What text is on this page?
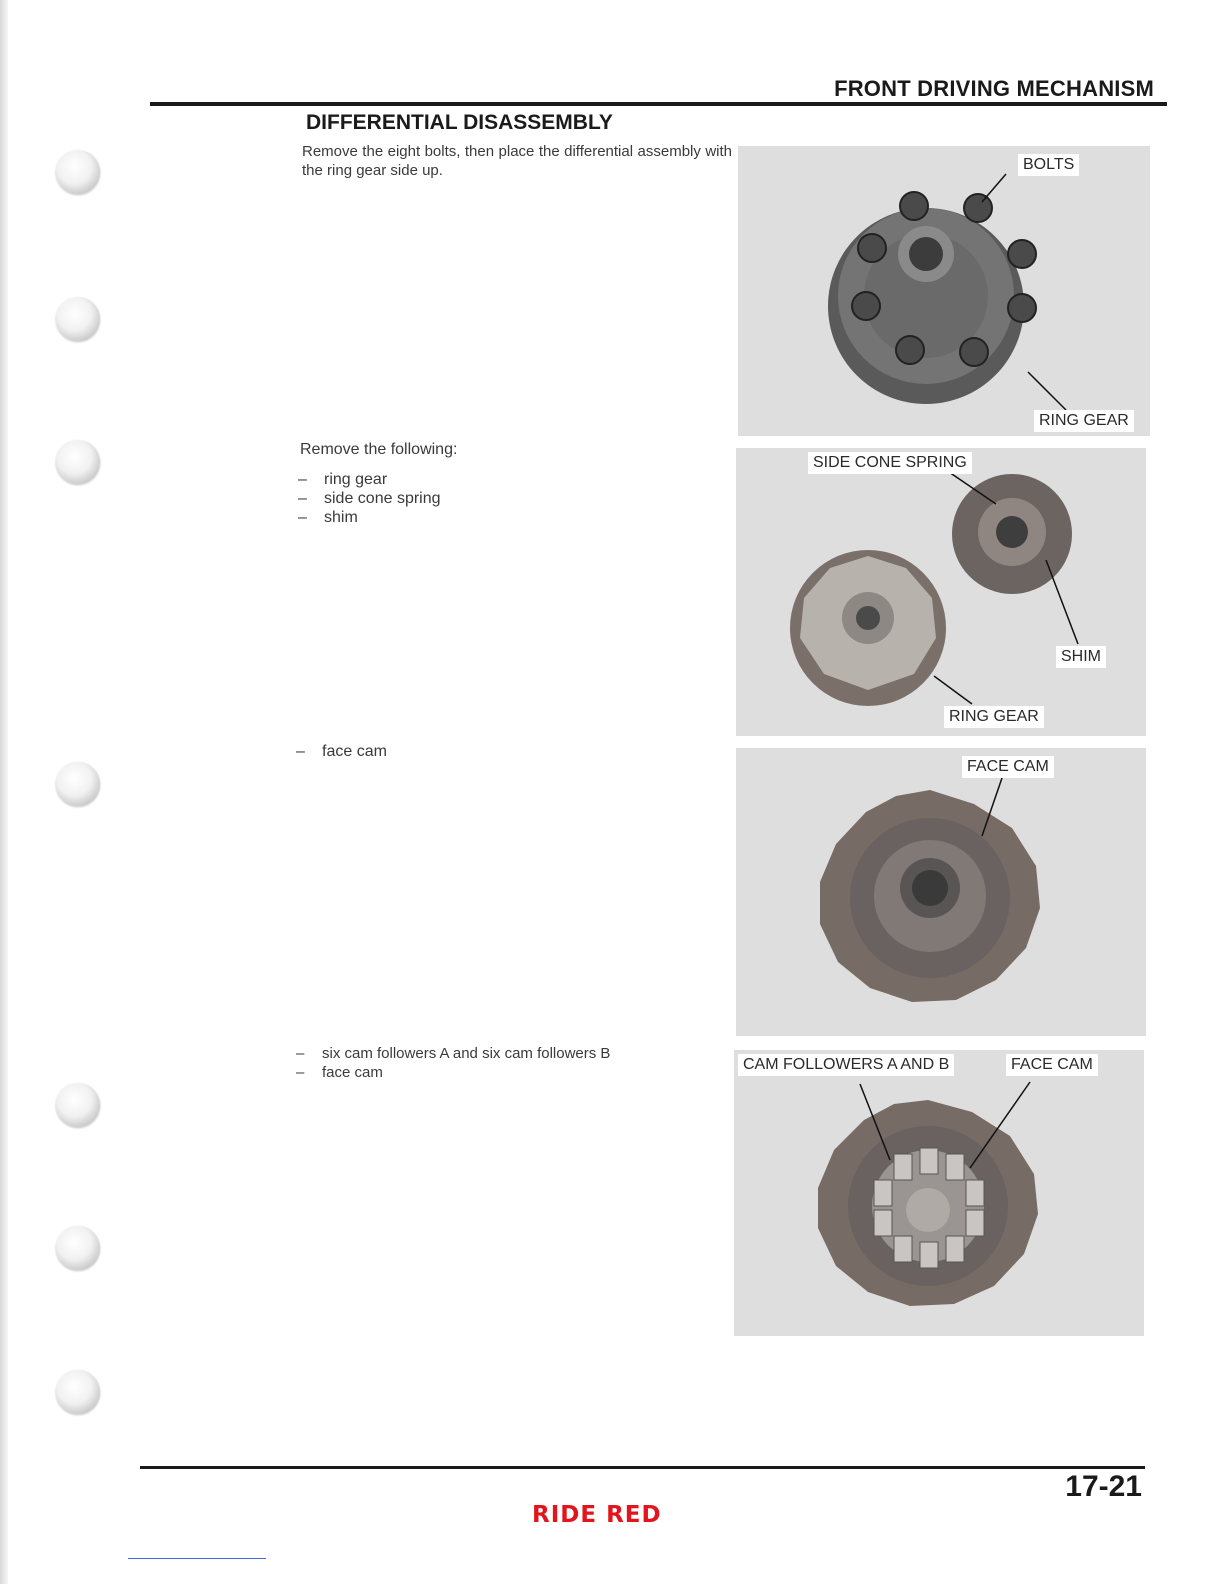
FRONT DRIVING MECHANISM
DIFFERENTIAL DISASSEMBLY
Remove the eight bolts, then place the differential assembly with the ring gear side up.
Remove the following:
– ring gear
– side cone spring
– shim
– face cam
– six cam followers A and six cam followers B
– face cam
BOLTS
RING GEAR
SIDE CONE SPRING
SHIM
RING GEAR
FACE CAM
CAM FOLLOWERS A AND B	FACE CAM
17-21
RIDE RED
